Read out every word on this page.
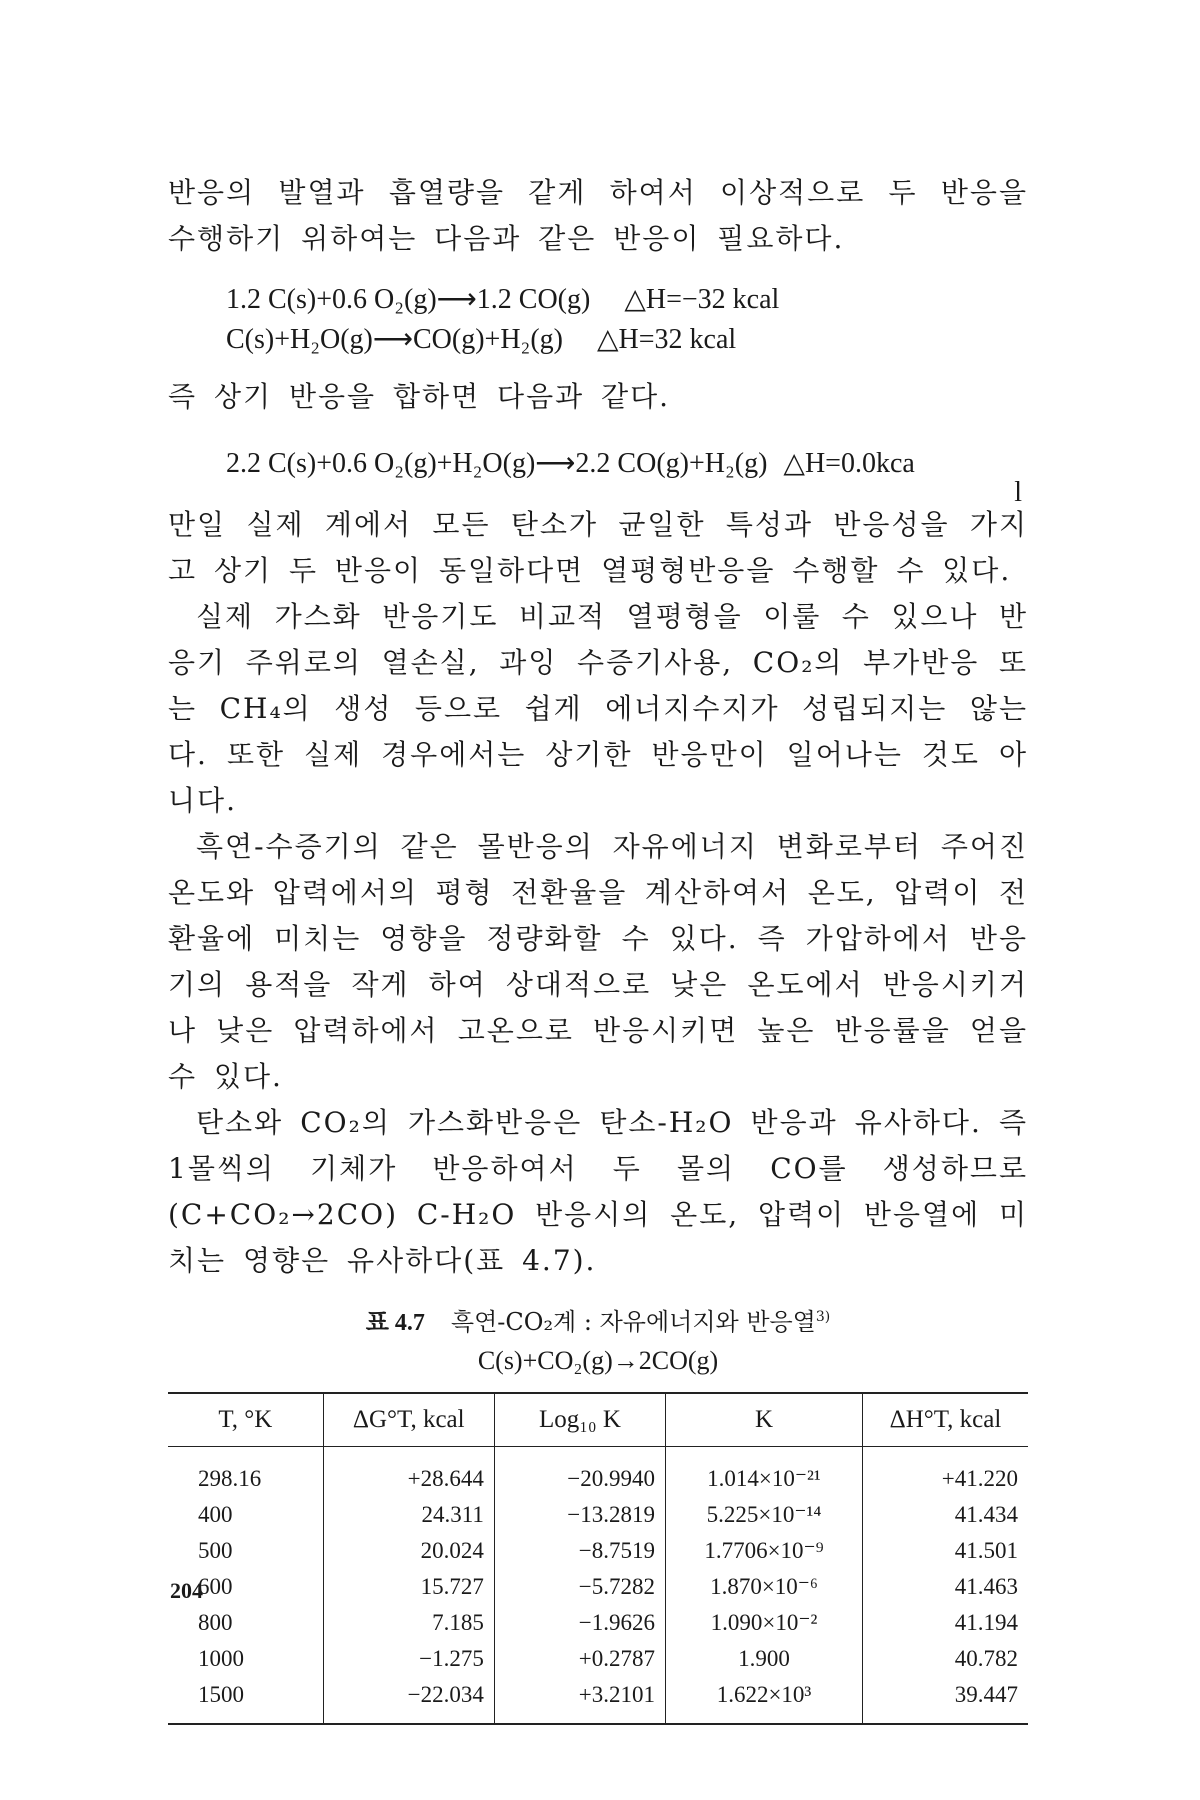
반응의 발열과 흡열량을 같게 하여서 이상적으로 두 반응을 수행하기 위하여는 다음과 같은 반응이 필요하다.

1.2 C(s)+0.6 O₂(g)⟶1.2 CO(g) △H=−32 kcal
C(s)+H₂O(g)⟶CO(g)+H₂(g) △H=32 kcal

즉 상기 반응을 합하면 다음과 같다.

2.2 C(s)+0.6 O₂(g)+H₂O(g)⟶2.2 CO(g)+H₂(g) △H=0.0kca
l

만일 실제 계에서 모든 탄소가 균일한 특성과 반응성을 가지고 상기 두 반응이 동일하다면 열평형반응을 수행할 수 있다.

실제 가스화 반응기도 비교적 열평형을 이룰 수 있으나 반응기 주위로의 열손실, 과잉 수증기사용, CO₂의 부가반응 또는 CH₄의 생성 등으로 쉽게 에너지수지가 성립되지는 않는다. 또한 실제 경우에서는 상기한 반응만이 일어나는 것도 아니다.

흑연-수증기의 같은 몰반응의 자유에너지 변화로부터 주어진 온도와 압력에서의 평형 전환율을 계산하여서 온도, 압력이 전환율에 미치는 영향을 정량화할 수 있다. 즉 가압하에서 반응기의 용적을 작게 하여 상대적으로 낮은 온도에서 반응시키거나 낮은 압력하에서 고온으로 반응시키면 높은 반응률을 얻을 수 있다.

탄소와 CO₂의 가스화반응은 탄소-H₂O 반응과 유사하다. 즉 1몰씩의 기체가 반응하여서 두 몰의 CO를 생성하므로(C+CO₂→2CO) C-H₂O 반응시의 온도, 압력이 반응열에 미치는 영향은 유사하다(표 4.7).

표 4.7 흑연-CO₂계 : 자유에너지와 반응열$^{3)}$
C(s)+CO₂(g)→2CO(g)
T, °K	ΔG°T, kcal	Log₁₀ K	K	ΔH°T, kcal
298.16	+28.644	−20.9940	1.014×10⁻²¹	+41.220
400	24.311	−13.2819	5.225×10⁻¹⁴	41.434
500	20.024	−8.7519	1.7706×10⁻⁹	41.501
600	15.727	−5.7282	1.870×10⁻⁶	41.463
800	7.185	−1.9626	1.090×10⁻²	41.194
1000	−1.275	+0.2787	1.900	40.782
1500	−22.034	+3.2101	1.622×10³	39.447
204
